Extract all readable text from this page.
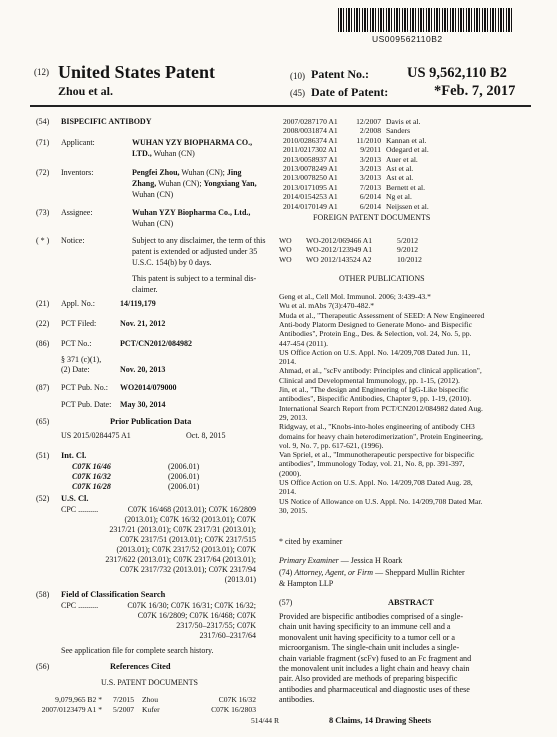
US009562110B2
(12) United States Patent
Zhou et al.
(10) Patent No.:	US 9,562,110 B2
(45) Date of Patent:	*Feb. 7, 2017
(54) BISPECIFIC ANTIBODY
(71) Applicant:	WUHAN YZY BIOPHARMA CO.,
LTD., Wuhan (CN)
(72) Inventors:	Pengfei Zhou, Wuhan (CN); Jing
Zhang, Wuhan (CN); Yongxiang Yan,
Wuhan (CN)
(73) Assignee:	Wuhan YZY Biopharma Co., Ltd.,
Wuhan (CN)
( * ) Notice:	Subject to any disclaimer, the term of this
patent is extended or adjusted under 35
U.S.C. 154(b) by 0 days.
This patent is subject to a terminal dis-
claimer.
(21) Appl. No.:	14/119,179
(22) PCT Filed:	Nov. 21, 2012
(86) PCT No.:	PCT/CN2012/084982
§ 371 (c)(1),
(2) Date:	Nov. 20, 2013
(87) PCT Pub. No.: WO2014/079000
PCT Pub. Date: May 30, 2014
(65)	Prior Publication Data
US 2015/0284475 A1	Oct. 8, 2015
(51) Int. Cl.
C07K 16/46	(2006.01)
C07K 16/32	(2006.01)
C07K 16/28	(2006.01)
(52) U.S. Cl.
CPC ..........	C07K 16/468 (2013.01); C07K 16/2809
(2013.01); C07K 16/32 (2013.01); C07K
2317/21 (2013.01); C07K 2317/31 (2013.01);
C07K 2317/51 (2013.01); C07K 2317/515
(2013.01); C07K 2317/52 (2013.01); C07K
2317/622 (2013.01); C07K 2317/64 (2013.01);
C07K 2317/732 (2013.01); C07K 2317/94
(2013.01)
(58) Field of Classification Search
CPC ..........	C07K 16/30; C07K 16/31; C07K 16/32;
C07K 16/2809; C07K 16/468; C07K
2317/50–2317/55; C07K
2317/60–2317/64
See application file for complete search history.
(56)	References Cited
U.S. PATENT DOCUMENTS
9,079,965 B2 * 7/2015 Zhou	C07K 16/32
2007/0123479 A1 * 5/2007 Kufer	C07K 16/2803
514/44 R
2007/0287170 A1 12/2007 Davis et al.
2008/0031874 A1	2/2008 Sanders
2010/0286374 A1 11/2010 Kannan et al.
2011/0217302 A1	9/2011 Odegard et al.
2013/0058937 A1	3/2013 Auer et al.
2013/0078249 A1	3/2013 Ast et al.
2013/0078250 A1	3/2013 Ast et al.
2013/0171095 A1	7/2013 Bernett et al.
2014/0154253 A1	6/2014 Ng et al.
2014/0170149 A1	6/2014 Neijssen et al.
FOREIGN PATENT DOCUMENTS
WO WO-2012/069466 A1	5/2012
WO WO-2012/123949 A1	9/2012
WO WO 2012/143524 A2	10/2012
OTHER PUBLICATIONS
Geng et al., Cell Mol. Immunol. 2006; 3:439-43.*
Wu et al. mAbs 7(3):470-482.*
Muda et al., "Therapeutic Assessment of SEED: A New Engineered
Anti-body Platorm Designed to Generate Mono- and Bispecific
Antibodies", Protein Eng., Des. & Selection, vol. 24, No. 5, pp.
447-454 (2011).
US Office Action on U.S. Appl. No. 14/209,708 Dated Jun. 11,
2014.
Ahmad, et al., "scFv antibody: Principles and clinical application",
Clinical and Developmental Immunology, pp. 1-15, (2012).
Jin, et al., "The design and Engineering of IgG-Like bispecific
antibodies", Bispecific Antibodies, Chapter 9, pp. 1-19, (2010).
International Search Report from PCT/CN2012/084982 dated Aug.
29, 2013.
Ridgway, et al., "Knobs-into-holes engineering of antibody CH3
domains for heavy chain heterodimerization", Protein Engineering,
vol. 9, No. 7, pp. 617-621, (1996).
Van Spriel, et al., "Immunotherapeutic perspective for bispecific
antibodies", Immunology Today, vol. 21, No. 8, pp. 391-397,
(2000).
US Office Action on U.S. Appl. No. 14/209,708 Dated Aug. 28,
2014.
US Notice of Allowance on U.S. Appl. No. 14/209,708 Dated Mar.
30, 2015.
* cited by examiner
Primary Examiner — Jessica H Roark
(74) Attorney, Agent, or Firm — Sheppard Mullin Richter
& Hampton LLP
(57)	ABSTRACT
Provided are bispecific antibodies comprised of a single-
chain unit having specificity to an immune cell and a
monovalent unit having specificity to a tumor cell or a
microorganism. The single-chain unit includes a single-
chain variable fragment (scFv) fused to an Fc fragment and
the monovalent unit includes a light chain and heavy chain
pair. Also provided are methods of preparing bispecific
antibodies and pharmaceutical and diagnostic uses of these
antibodies.
8 Claims, 14 Drawing Sheets
